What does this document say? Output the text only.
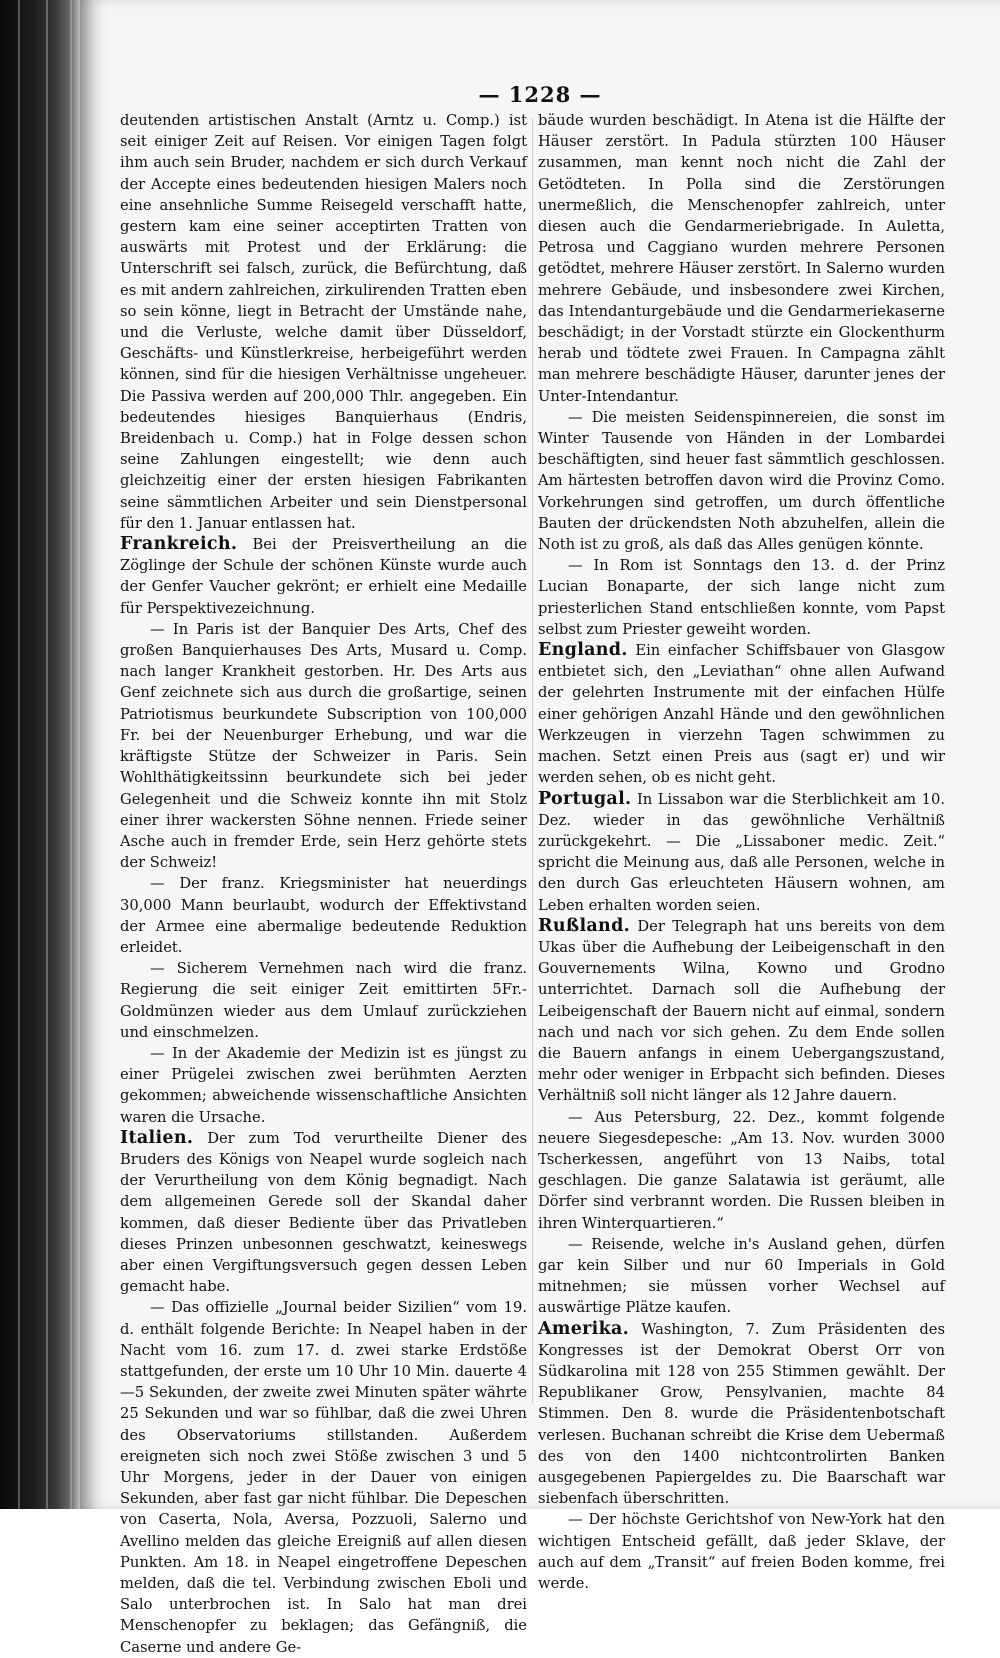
— 1228 —

deutenden artistischen Anstalt (Arntz u. Comp.) ist seit einiger Zeit auf Reisen. Vor einigen Tagen folgt ihm auch sein Bruder, nachdem er sich durch Verkauf der Accepte eines bedeutenden hiesigen Malers noch eine ansehnliche Summe Reisegeld verschafft hatte, gestern kam eine seiner acceptirten Tratten von auswärts mit Protest und der Erklärung: die Unterschrift sei falsch, zurück, die Befürchtung, daß es mit andern zahlreichen, zirkulirenden Tratten eben so sein könne, liegt in Betracht der Umstände nahe, und die Verluste, welche damit über Düsseldorf, Geschäfts- und Künstlerkreise, herbeigeführt werden können, sind für die hiesigen Verhältnisse ungeheuer. Die Passiva werden auf 200,000 Thlr. angegeben. Ein bedeutendes hiesiges Banquierhaus (Endris, Breidenbach u. Comp.) hat in Folge dessen schon seine Zahlungen eingestellt; wie denn auch gleichzeitig einer der ersten hiesigen Fabrikanten seine sämmtlichen Arbeiter und sein Dienstpersonal für den 1. Januar entlassen hat.

Frankreich. Bei der Preisvertheilung an die Zöglinge der Schule der schönen Künste wurde auch der Genfer Vaucher gekrönt; er erhielt eine Medaille für Perspektivezeichnung.

— In Paris ist der Banquier Des Arts, Chef des großen Banquierhauses Des Arts, Musard u. Comp. nach langer Krankheit gestorben. Hr. Des Arts aus Genf zeichnete sich aus durch die großartige, seinen Patriotismus beurkundete Subscription von 100,000 Fr. bei der Neuenburger Erhebung, und war die kräftigste Stütze der Schweizer in Paris. Sein Wohlthätigkeitssinn beurkundete sich bei jeder Gelegenheit und die Schweiz konnte ihn mit Stolz einer ihrer wackersten Söhne nennen. Friede seiner Asche auch in fremder Erde, sein Herz gehörte stets der Schweiz!

— Der franz. Kriegsminister hat neuerdings 30,000 Mann beurlaubt, wodurch der Effektivstand der Armee eine abermalige bedeutende Reduktion erleidet.

— Sicherem Vernehmen nach wird die franz. Regierung die seit einiger Zeit emittirten 5Fr.-Goldmünzen wieder aus dem Umlauf zurückziehen und einschmelzen.

— In der Akademie der Medizin ist es jüngst zu einer Prügelei zwischen zwei berühmten Aerzten gekommen; abweichende wissenschaftliche Ansichten waren die Ursache.

Italien. Der zum Tod verurtheilte Diener des Bruders des Königs von Neapel wurde sogleich nach der Verurtheilung von dem König begnadigt. Nach dem allgemeinen Gerede soll der Skandal daher kommen, daß dieser Bediente über das Privatleben dieses Prinzen unbesonnen geschwatzt, keineswegs aber einen Vergiftungsversuch gegen dessen Leben gemacht habe.

— Das offizielle „Journal beider Sizilien“ vom 19. d. enthält folgende Berichte: In Neapel haben in der Nacht vom 16. zum 17. d. zwei starke Erdstöße stattgefunden, der erste um 10 Uhr 10 Min. dauerte 4—5 Sekunden, der zweite zwei Minuten später währte 25 Sekunden und war so fühlbar, daß die zwei Uhren des Observatoriums stillstanden. Außerdem ereigneten sich noch zwei Stöße zwischen 3 und 5 Uhr Morgens, jeder in der Dauer von einigen Sekunden, aber fast gar nicht fühlbar. Die Depeschen von Caserta, Nola, Aversa, Pozzuoli, Salerno und Avellino melden das gleiche Ereigniß auf allen diesen Punkten. Am 18. in Neapel eingetroffene Depeschen melden, daß die tel. Verbindung zwischen Eboli und Salo unterbrochen ist. In Salo hat man drei Menschenopfer zu beklagen; das Gefängniß, die Caserne und andere Ge-

bäude wurden beschädigt. In Atena ist die Hälfte der Häuser zerstört. In Padula stürzten 100 Häuser zusammen, man kennt noch nicht die Zahl der Getödteten. In Polla sind die Zerstörungen unermeßlich, die Menschenopfer zahlreich, unter diesen auch die Gendarmeriebrigade. In Auletta, Petrosa und Caggiano wurden mehrere Personen getödtet, mehrere Häuser zerstört. In Salerno wurden mehrere Gebäude, und insbesondere zwei Kirchen, das Intendanturgebäude und die Gendarmeriekaserne beschädigt; in der Vorstadt stürzte ein Glockenthurm herab und tödtete zwei Frauen. In Campagna zählt man mehrere beschädigte Häuser, darunter jenes der Unter-Intendantur.

— Die meisten Seidenspinnereien, die sonst im Winter Tausende von Händen in der Lombardei beschäftigten, sind heuer fast sämmtlich geschlossen. Am härtesten betroffen davon wird die Provinz Como. Vorkehrungen sind getroffen, um durch öffentliche Bauten der drückendsten Noth abzuhelfen, allein die Noth ist zu groß, als daß das Alles genügen könnte.

— In Rom ist Sonntags den 13. d. der Prinz Lucian Bonaparte, der sich lange nicht zum priesterlichen Stand entschließen konnte, vom Papst selbst zum Priester geweiht worden.

England. Ein einfacher Schiffsbauer von Glasgow entbietet sich, den „Leviathan“ ohne allen Aufwand der gelehrten Instrumente mit der einfachen Hülfe einer gehörigen Anzahl Hände und den gewöhnlichen Werkzeugen in vierzehn Tagen schwimmen zu machen. Setzt einen Preis aus (sagt er) und wir werden sehen, ob es nicht geht.

Portugal. In Lissabon war die Sterblichkeit am 10. Dez. wieder in das gewöhnliche Verhältniß zurückgekehrt. — Die „Lissaboner medic. Zeit.“ spricht die Meinung aus, daß alle Personen, welche in den durch Gas erleuchteten Häusern wohnen, am Leben erhalten worden seien.

Rußland. Der Telegraph hat uns bereits von dem Ukas über die Aufhebung der Leibeigenschaft in den Gouvernements Wilna, Kowno und Grodno unterrichtet. Darnach soll die Aufhebung der Leibeigenschaft der Bauern nicht auf einmal, sondern nach und nach vor sich gehen. Zu dem Ende sollen die Bauern anfangs in einem Uebergangszustand, mehr oder weniger in Erbpacht sich befinden. Dieses Verhältniß soll nicht länger als 12 Jahre dauern.

— Aus Petersburg, 22. Dez., kommt folgende neuere Siegesdepesche: „Am 13. Nov. wurden 3000 Tscherkessen, angeführt von 13 Naibs, total geschlagen. Die ganze Salatawia ist geräumt, alle Dörfer sind verbrannt worden. Die Russen bleiben in ihren Winterquartieren.“

— Reisende, welche in's Ausland gehen, dürfen gar kein Silber und nur 60 Imperials in Gold mitnehmen; sie müssen vorher Wechsel auf auswärtige Plätze kaufen.

Amerika. Washington, 7. Zum Präsidenten des Kongresses ist der Demokrat Oberst Orr von Südkarolina mit 128 von 255 Stimmen gewählt. Der Republikaner Grow, Pensylvanien, machte 84 Stimmen. Den 8. wurde die Präsidentenbotschaft verlesen. Buchanan schreibt die Krise dem Uebermaß des von den 1400 nichtcontrolirten Banken ausgegebenen Papiergeldes zu. Die Baarschaft war siebenfach überschritten.

— Der höchste Gerichtshof von New-York hat den wichtigen Entscheid gefällt, daß jeder Sklave, der auch auf dem „Transit“ auf freien Boden komme, frei werde.
